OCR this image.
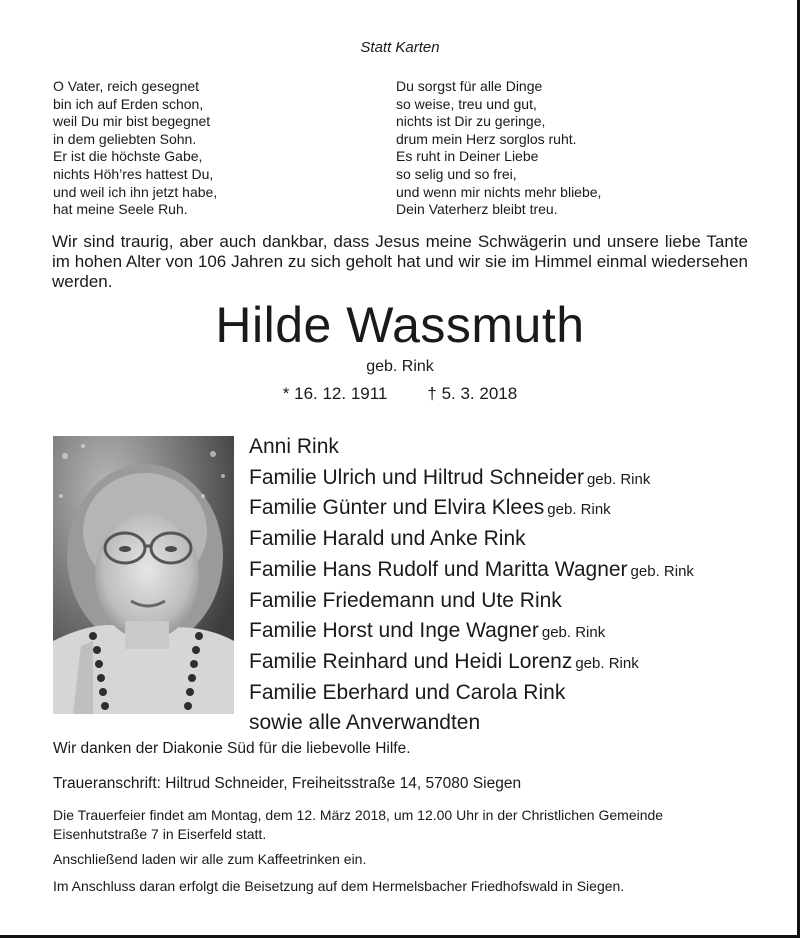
Statt Karten
O Vater, reich gesegnet
bin ich auf Erden schon,
weil Du mir bist begegnet
in dem geliebten Sohn.
Er ist die höchste Gabe,
nichts Höh’res hattest Du,
und weil ich ihn jetzt habe,
hat meine Seele Ruh.
Du sorgst für alle Dinge
so weise, treu und gut,
nichts ist Dir zu geringe,
drum mein Herz sorglos ruht.
Es ruht in Deiner Liebe
so selig und so frei,
und wenn mir nichts mehr bliebe,
Dein Vaterherz bleibt treu.
Wir sind traurig, aber auch dankbar, dass Jesus meine Schwägerin und unsere liebe Tante im hohen Alter von 106 Jahren zu sich geholt hat und wir sie im Himmel einmal wiedersehen werden.
Hilde Wassmuth
geb. Rink
* 16. 12. 1911 † 5. 3. 2018
Anni Rink
Familie Ulrich und Hiltrud Schneider geb. Rink
Familie Günter und Elvira Klees geb. Rink
Familie Harald und Anke Rink
Familie Hans Rudolf und Maritta Wagner geb. Rink
Familie Friedemann und Ute Rink
Familie Horst und Inge Wagner geb. Rink
Familie Reinhard und Heidi Lorenz geb. Rink
Familie Eberhard und Carola Rink
sowie alle Anverwandten
Wir danken der Diakonie Süd für die liebevolle Hilfe.
Traueranschrift: Hiltrud Schneider, Freiheitsstraße 14, 57080 Siegen
Die Trauerfeier findet am Montag, dem 12. März 2018, um 12.00 Uhr in der Christlichen Gemeinde Eisenhutstraße 7 in Eiserfeld statt.
Anschließend laden wir alle zum Kaffeetrinken ein.
Im Anschluss daran erfolgt die Beisetzung auf dem Hermelsbacher Friedhofswald in Siegen.
